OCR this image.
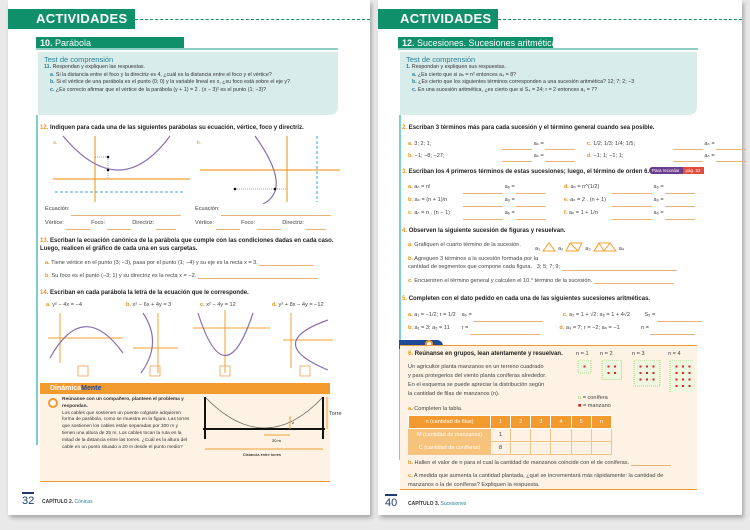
ACTIVIDADES
10. Parábola
Test de comprensión
11. Respondan y expliquen las respuestas.
a. Si la distancia entre el foco y la directriz es 4, ¿cuál es la distancia entre el foco y el vértice?
b. Si el vértice de una parábola es el punto (0; 0) y la variable lineal es x, ¿su foco está sobre el eje y?
c. ¿Es correcto afirmar que el vértice de la parábola (y + 1) = 2 . (x − 3)² es el punto (1; −3)?
12. Indiquen para cada una de las siguientes parábolas su ecuación, vértice, foco y directriz.
a.	b.
Ecuación:
Vértice:	Foco:	Directriz:
Ecuación:
Vértice:	Foco:	Directriz:
13. Escriban la ecuación canónica de la parábola que cumple con las condiciones dadas en cada caso.
Luego, realicen el gráfico de cada una en sus carpetas.
a. Tiene vértice en el punto (3; −3), pasa por el punto (1; −4) y su eje es la recta x = 3.
b. Su foco es el punto (−3; 1) y su directriz es la recta x = −2.
14. Escriban en cada parábola la letra de la ecuación que le corresponde.
a. y² − 4x = −4	b. x² − 6x + 4y = 3	c. x² − 4y = 12	d. y² + 8x − 4y = −12
DinámicaMente
Reúnanse con un compañero, planteen el problema y respondan.
Los cables que sostienen un puente colgante adquieren forma de parábola, como se muestra en la figura. Las torres que sostienen los cables están separadas por 300 m y tienen una altura de 25 m. Los cables tocan la ruta en la mitad de la distancia entre las torres. ¿Cuál es la altura del cable en un punto situado a 20 m desde el punto medio?
Torre
z
20 m
Distancia entre torres
32 CAPÍTULO 2. Cónicas
ACTIVIDADES
12. Sucesiones. Sucesiones aritméticas
Test de comprensión
1. Respondan y expliquen sus respuestas.
a. ¿Es cierto que si aₙ = n² entonces a₄ = 8?
b. ¿Es cierto que los siguientes términos corresponden a una sucesión aritmética? 12; 7; 2; −3
c. En una sucesión aritmética, ¿es cierto que si S₄ = 24; r = 2 entonces a₁ = 7?
2. Escriban 3 términos más para cada sucesión y el término general cuando sea posible.
a. 3; 2; 1;	aₙ =	c. 1/2; 1/3; 1/4; 1/5;	aₙ =
b. −1; −8; −27;	aₙ =	d. −1; 1; −1; 1;	aₙ =
3. Escriban los 4 primeros términos de estas sucesiones; luego, el término de orden 6. Para recordar pág. 53
a. aₙ = n!	a₆ =	d. aₙ = n^(1/2)	a₆ =
b. aₙ = (n + 1)/n	a₆ =	e. aₙ = 2 . (n + 1)	a₆ =
c. aₙ = n . (n − 1)	a₆ =	f. aₙ = 1 + 1/n	a₆ =
4. Observen la siguiente sucesión de figuras y resuelvan.
a. Grafiquen el cuarto término de la sucesión.
a₁	a₂	a₃	a₄
b. Agreguen 3 términos a la sucesión formada por la
cantidad de segmentos que compone cada figura. 3; 5; 7; 9;
c. Encuentren el término general y calculen el 10.° término de la sucesión.
5. Completen con el dato pedido en cada una de las siguientes sucesiones aritméticas.
a. a₁ = −1/2; r = 1/2 a₉ =	c. a₂ = 1 + √2; a₆ = 1 + 4√2	S₅ =
b. a₁ = 3; a₅ = 11 r =	d. a₃ = 7; r = −2; aₙ = −1	n =
6. Reúnanse en grupos, lean atentamente y resuelvan.
Un agricultor planta manzanos en un terreno cuadrado
y para protegerlos del viento planta coníferas alrededor.
En el esquema se puede apreciar la distribución según
la cantidad de filas de manzanos (n).
n = 1 n = 2	n = 3	n = 4
o = conífera
■ = manzano
a. Completen la tabla.
n (cantidad de filas)	1	2	3	4	5	n
M (cantidad de manzanos)	1					
C (cantidad de coníferas)	8					
b. Hallen el valor de n para el cual la cantidad de manzanos coincide con el de coníferas.
c. A medida que aumenta la cantidad plantada, ¿qué se incrementará más rápidamente: la cantidad de
manzanos o la de coníferas? Expliquen la respuesta.
40 CAPÍTULO 3. Sucesiones
